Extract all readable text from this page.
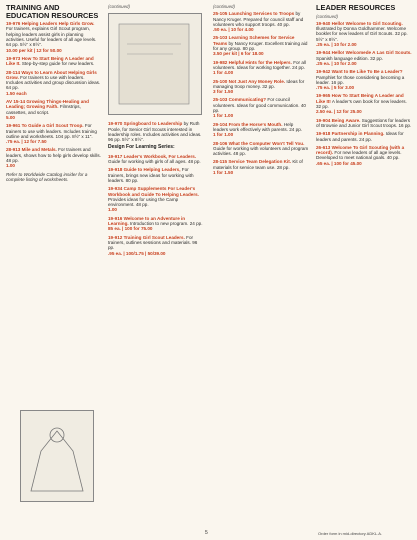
TRAINING AND EDUCATION RESOURCES
19-976 Helping Leaders Help Girls Grow. For trainers, explains Girl Scout program, helping leaders assist girls in planning activities. Useful for leaders of all age levels. 64 pp. 5½" x 8½".
10.00 per kit | 12 for 50.00
19-973 How To Start Being A Leader and Like It. Step-by-step guide for new leaders.
28-114 Ways to Learn About Helping Girls Grow. For trainers to use with leaders. Includes activities and group discussion ideas. 64 pp.
1.50 each
AV 15-14 Growing Things-Healing and Leading; Growing Faith. Filmstrips, cassettes, and script.
5.00
19-961 To Guide a Girl Scout Troop. For trainers to use with leaders. Includes training outline and worksheets. 104 pp. 8½" x 11".
.75 ea. | 12 for 7.50
28-913 Mile and Metals. For trainers and leaders, shows how to help girls develop skills. 48 pp.
1.00
Refer to Worldwide Catalog insider for a complete listing of worksheets.
(continued)
19-970 Springboard to Leadership by Ruth Poole, for Senior Girl Scouts interested in leadership roles. Includes activities and ideas. 96 pp. 5½" x 8½".
Design For Learning Series:
19-917 Leader's Workbook, For Leaders. Guide for working with girls of all ages. 48 pp.
19-918 Guide to Helping Leaders, For trainers, brings new ideas for working with leaders. 80 pp.
19-934 Camp Supplements For Leader's Workbook and Guide To Helping Leaders. Provides ideas for using the Camp environment. 48 pp.
1.00
19-916 Welcome to an Adventure in Learning. Introduction to new program. 24 pp.
85 ea. | 100 for 75.00
19-912 Training Girl Scout Leaders. For trainers, outlines sessions and materials. 96 pp.
.95 ea. | 100/1.75 | 50/39.00
(continued)
25-105 Launching Services to Troops by Nancy Kruger. Prepared for council staff and volunteers who support troops. 40 pp.
.50 ea. | 10 for 4.00
25-103 Learning Schemes for Service Teams by Nancy Kruger. Excellent training aid for any group. 80 pp.
3.50 per kit | 6 for 18.00
19-982 Helpful Hints for the Helpers. For all volunteers. Ideas for working together. 24 pp.
1 for 4.00
25-100 Not Just Any Money Role. Ideas for managing troop money. 32 pp.
3 for 1.50
25-103 Communicating? For council volunteers. Ideas for good communication. 40 pp.
1 for 1.00
29-104 From the Horse's Mouth. Help leaders work effectively with parents. 24 pp.
1 for 1.00
28-106 What the Computer Won't Tell You. Guide for working with volunteers and program activities. 48 pp.
28-115 Service Team Delegation Kit. Kit of materials for service team use. 28 pp.
1 for 1.50
LEADER RESOURCES
(continued)
19-940 Hello! Welcome to Girl Scouting. Illustrated by Donna Goldhammer. Welcome booklet for new leaders of Girl Scouts. 32 pp. 5½" x 8½".
.25 ea. | 10 for 2.00
19-944 Hello! Welcomede A Las Girl Scouts. Spanish language edition. 32 pp.
.25 ea. | 10 for 2.00
19-942 Want to Be Like To Be a Leader? Pamphlet for those considering becoming a leader. 16 pp.
.75 ea. | 5 for 3.00
19-965 How To Start Being A Leader and Like It! A leader's own book for new leaders. 32 pp.
2.50 ea. | 12 for 25.00
19-904 Being Aware. Suggestions for leaders of Brownie and Junior Girl Scout troops. 16 pp.
19-918 Partnership in Planning. Ideas for leaders and parents. 24 pp.
26-613 Welcome To Girl Scouting (with a record). For new leaders of all age levels. Developed to meet national goals. 40 pp.
.65 ea. | 100 for 45.00
5	Order form in mid-directory ADKL.A.
